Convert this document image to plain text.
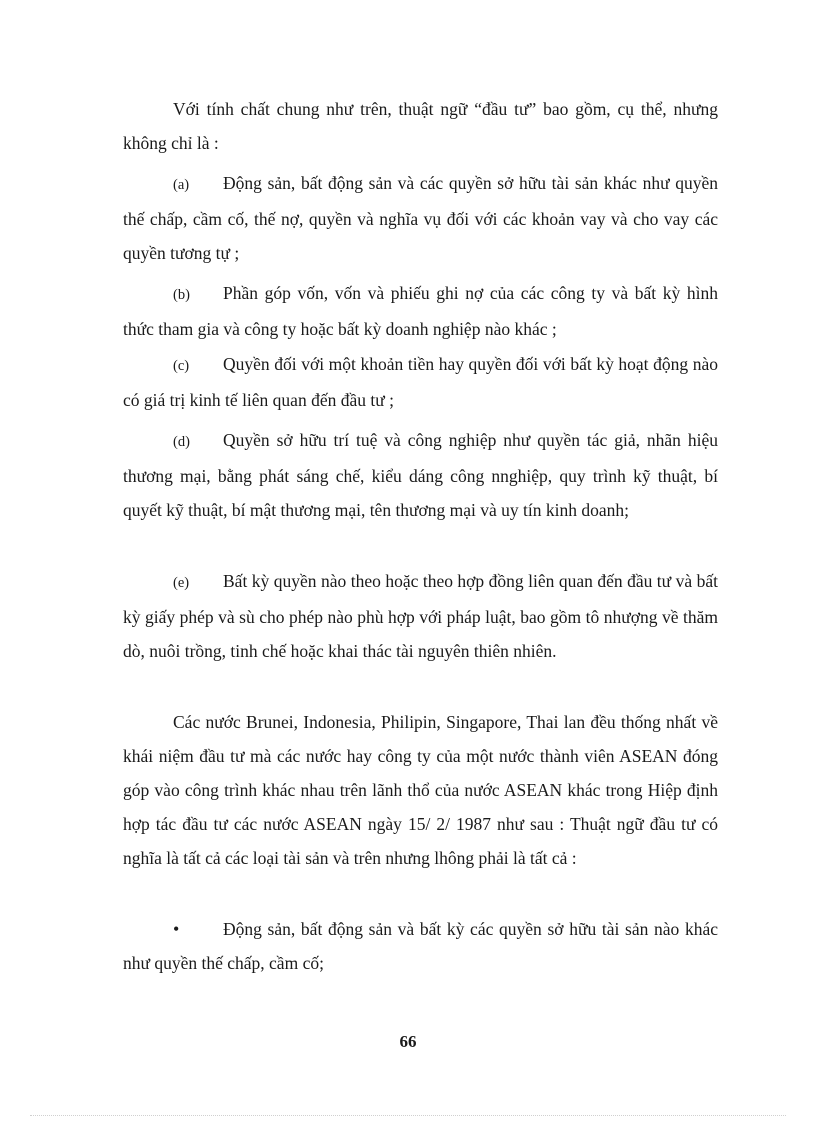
Với tính chất chung như trên, thuật ngữ “đầu tư” bao gồm, cụ thể, nhưng không chỉ là :

(a) Động sản, bất động sản và các quyền sở hữu tài sản khác như quyền thế chấp, cầm cố, thế nợ, quyền và nghĩa vụ đối với các khoản vay và cho vay các quyền tương tự ;

(b) Phần góp vốn, vốn và phiếu ghi nợ của các công ty và bất kỳ hình thức tham gia và công ty hoặc bất kỳ doanh nghiệp nào khác ;

(c) Quyền đối với một khoản tiền hay quyền đối với bất kỳ hoạt động nào có giá trị kinh tế liên quan đến đầu tư ;

(d) Quyền sở hữu trí tuệ và công nghiệp như quyền tác giả, nhãn hiệu thương mại, bằng phát sáng chế, kiểu dáng công nnghiệp, quy trình kỹ thuật, bí quyết kỹ thuật, bí mật thương mại, tên thương mại và uy tín kinh doanh;

(e) Bất kỳ quyền nào theo hoặc theo hợp đồng liên quan đến đầu tư và bất kỳ giấy phép và sù cho phép nào phù hợp với pháp luật, bao gồm tô nhượng về thăm dò, nuôi trồng, tinh chế hoặc khai thác tài nguyên thiên nhiên.

Các nước Brunei, Indonesia, Philipin, Singapore, Thai lan đều thống nhất về khái niệm đầu tư mà các nước hay công ty của một nước thành viên ASEAN đóng góp vào công trình khác nhau trên lãnh thổ của nước ASEAN khác trong Hiệp định hợp tác đầu tư các nước ASEAN ngày 15/ 2/ 1987 như sau : Thuật ngữ đầu tư có nghĩa là tất cả các loại tài sản và trên nhưng lhông phải là tất cả :

• Động sản, bất động sản và bất kỳ các quyền sở hữu tài sản nào khác như quyền thế chấp, cầm cố;

66
